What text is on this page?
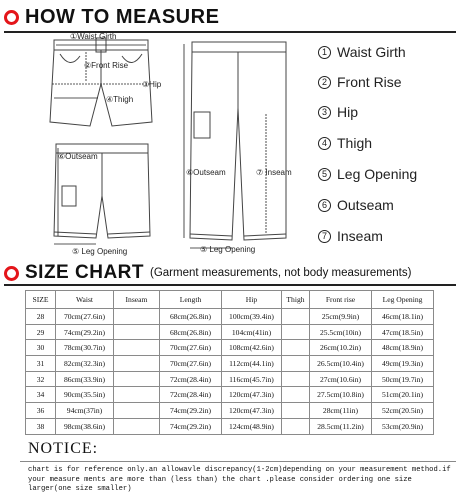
HOW TO MEASURE
①Waist Girth
②Front Rise
③Hip
④Thigh
⑥Outseam
⑤ Leg Opening
⑥Outseam	⑦ Inseam
⑤ Leg Opening
1 Waist Girth
2 Front Rise
3 Hip
4 Thigh
5 Leg Opening
6 Outseam
7 Inseam
SIZE CHART (Garment measurements, not body measurements)
SIZE	Waist	Inseam	Length	Hip	Thigh	Front rise	Leg Opening
28	70cm(27.6in)		68cm(26.8in)	100cm(39.4in)		25cm(9.9in)	46cm(18.1in)
29	74cm(29.2in)		68cm(26.8in)	104cm(41in)		25.5cm(10in)	47cm(18.5in)
30	78cm(30.7in)		70cm(27.6in)	108cm(42.6in)		26cm(10.2in)	48cm(18.9in)
31	82cm(32.3in)		70cm(27.6in)	112cm(44.1in)		26.5cm(10.4in)	49cm(19.3in)
32	86cm(33.9in)		72cm(28.4in)	116cm(45.7in)		27cm(10.6in)	50cm(19.7in)
34	90cm(35.5in)		72cm(28.4in)	120cm(47.3in)		27.5cm(10.8in)	51cm(20.1in)
36	94cm(37in)		74cm(29.2in)	120cm(47.3in)		28cm(11in)	52cm(20.5in)
38	98cm(38.6in)		74cm(29.2in)	124cm(48.9in)		28.5cm(11.2in)	53cm(20.9in)
NOTICE:
chart is for reference only.an allowavle discrepancy(1-2cm)depending on your measurement method.if your measure ments are more than (less than) the chart .please consider ordering one size larger(one size smaller)
